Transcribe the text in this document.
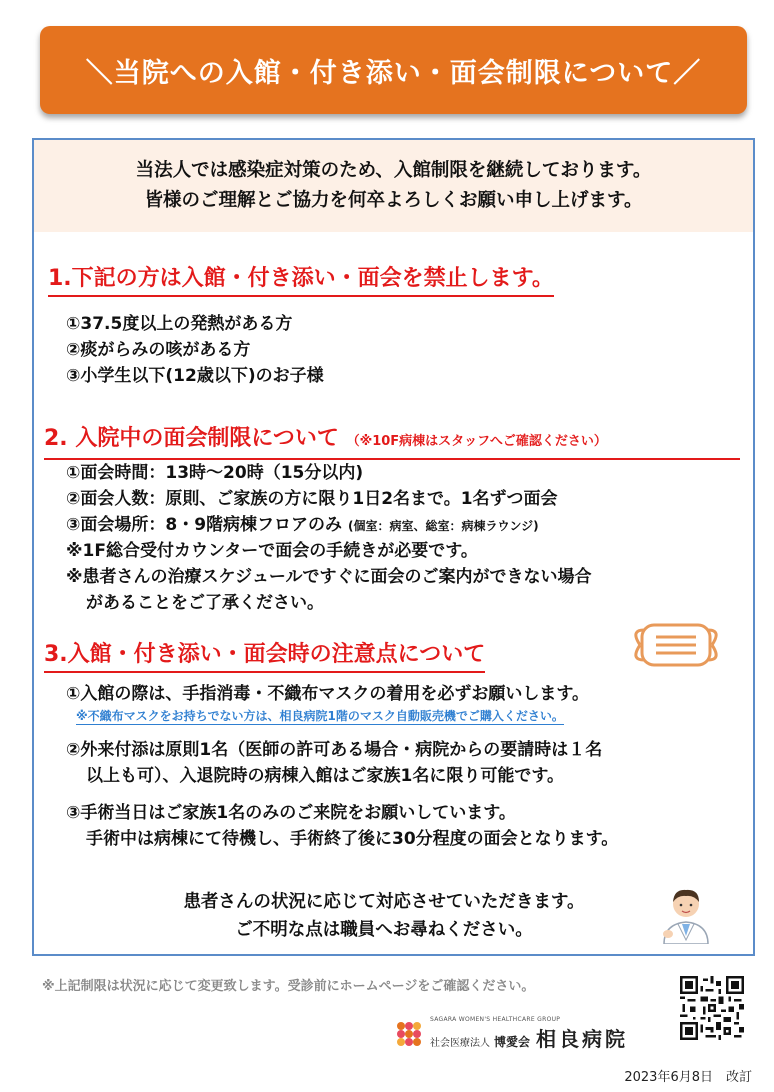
＼当院への入館・付き添い・面会制限について／
当法人では感染症対策のため、入館制限を継続しております。
皆様のご理解とご協力を何卒よろしくお願い申し上げます。
1.下記の方は入館・付き添い・面会を禁止します。
①37.5度以上の発熱がある方
②痰がらみの咳がある方
③小学生以下(12歳以下)のお子様
2. 入院中の面会制限について （※10F病棟はスタッフへご確認ください）
①面会時間：13時～20時（15分以内)
②面会人数：原則、ご家族の方に限り1日2名まで。1名ずつ面会
③面会場所：8・9階病棟フロアのみ (個室：病室、総室：病棟ラウンジ)
※1F総合受付カウンターで面会の手続きが必要です。
※患者さんの治療スケジュールですぐに面会のご案内ができない場合
があることをご了承ください。
3.入館・付き添い・面会時の注意点について
①入館の際は、手指消毒・不織布マスクの着用を必ずお願いします。
※不織布マスクをお持ちでない方は、相良病院1階のマスク自動販売機でご購入ください。
②外来付添は原則1名（医師の許可ある場合・病院からの要請時は１名
以上も可）、入退院時の病棟入館はご家族1名に限り可能です。
③手術当日はご家族1名のみのご来院をお願いしています。
手術中は病棟にて待機し、手術終了後に30分程度の面会となります。
患者さんの状況に応じて対応させていただきます。
ご不明な点は職員へお尋ねください。
※上記制限は状況に応じて変更致します。受診前にホームページをご確認ください。
SAGARA WOMEN'S HEALTHCARE GROUP
社会医療法人 博愛会 相良病院
2023年6月8日　改訂
